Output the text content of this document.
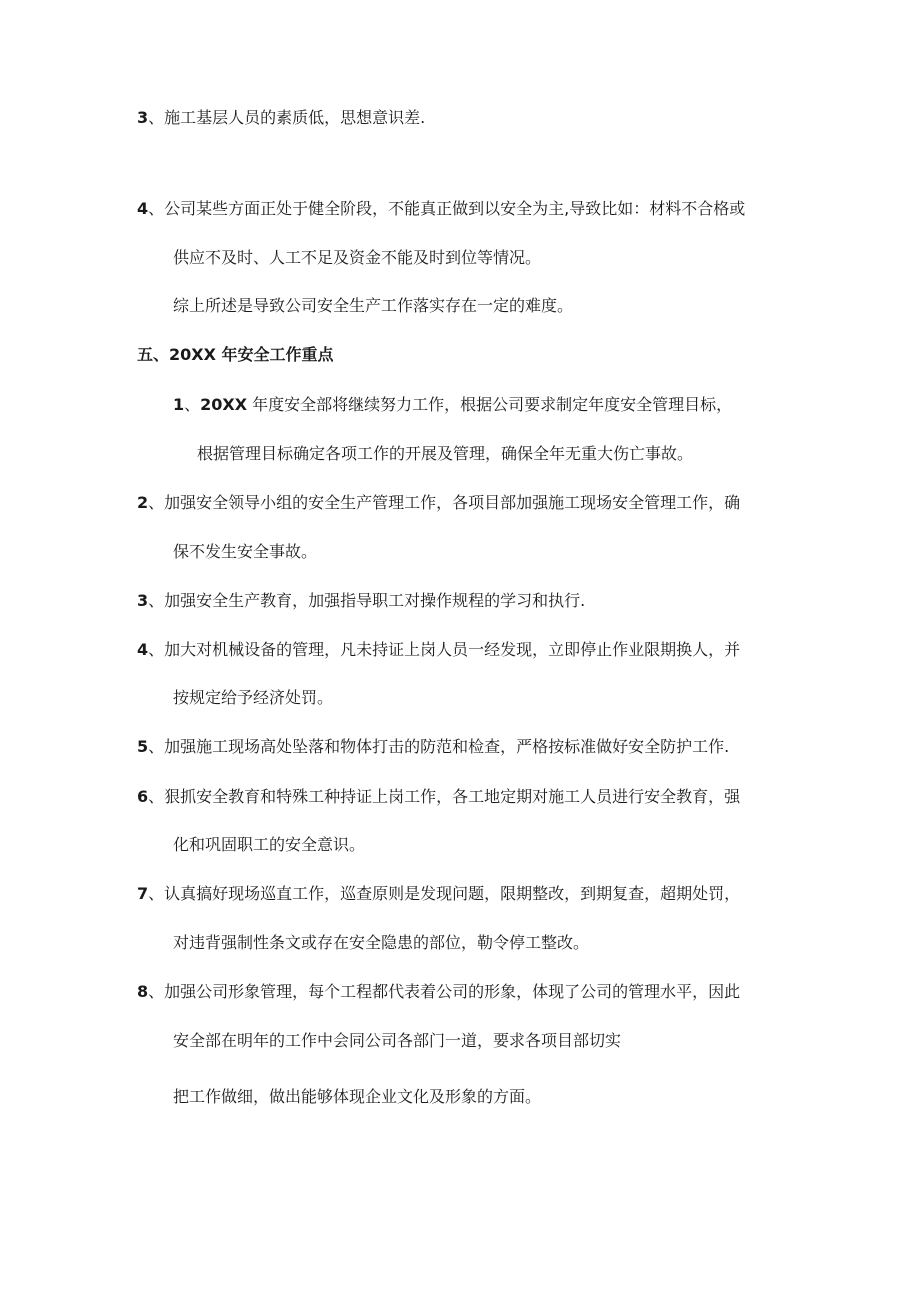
3、施工基层人员的素质低，思想意识差.
4、公司某些方面正处于健全阶段，不能真正做到以安全为主,导致比如：材料不合格或
供应不及时、人工不足及资金不能及时到位等情况。
综上所述是导致公司安全生产工作落实存在一定的难度。
五、20XX 年安全工作重点
1、20XX 年度安全部将继续努力工作，根据公司要求制定年度安全管理目标，
根据管理目标确定各项工作的开展及管理，确保全年无重大伤亡事故。
2、加强安全领导小组的安全生产管理工作，各项目部加强施工现场安全管理工作，确
保不发生安全事故。
3、加强安全生产教育，加强指导职工对操作规程的学习和执行.
4、加大对机械设备的管理，凡未持证上岗人员一经发现，立即停止作业限期换人，并
按规定给予经济处罚。
5、加强施工现场高处坠落和物体打击的防范和检查，严格按标准做好安全防护工作.
6、狠抓安全教育和特殊工种持证上岗工作，各工地定期对施工人员进行安全教育，强
化和巩固职工的安全意识。
7、认真搞好现场巡直工作，巡查原则是发现问题，限期整改，到期复查，超期处罚，
对违背强制性条文或存在安全隐患的部位，勒令停工整改。
8、加强公司形象管理，每个工程都代表着公司的形象，体现了公司的管理水平，因此
安全部在明年的工作中会同公司各部门一道，要求各项目部切实
把工作做细，做出能够体现企业文化及形象的方面。
